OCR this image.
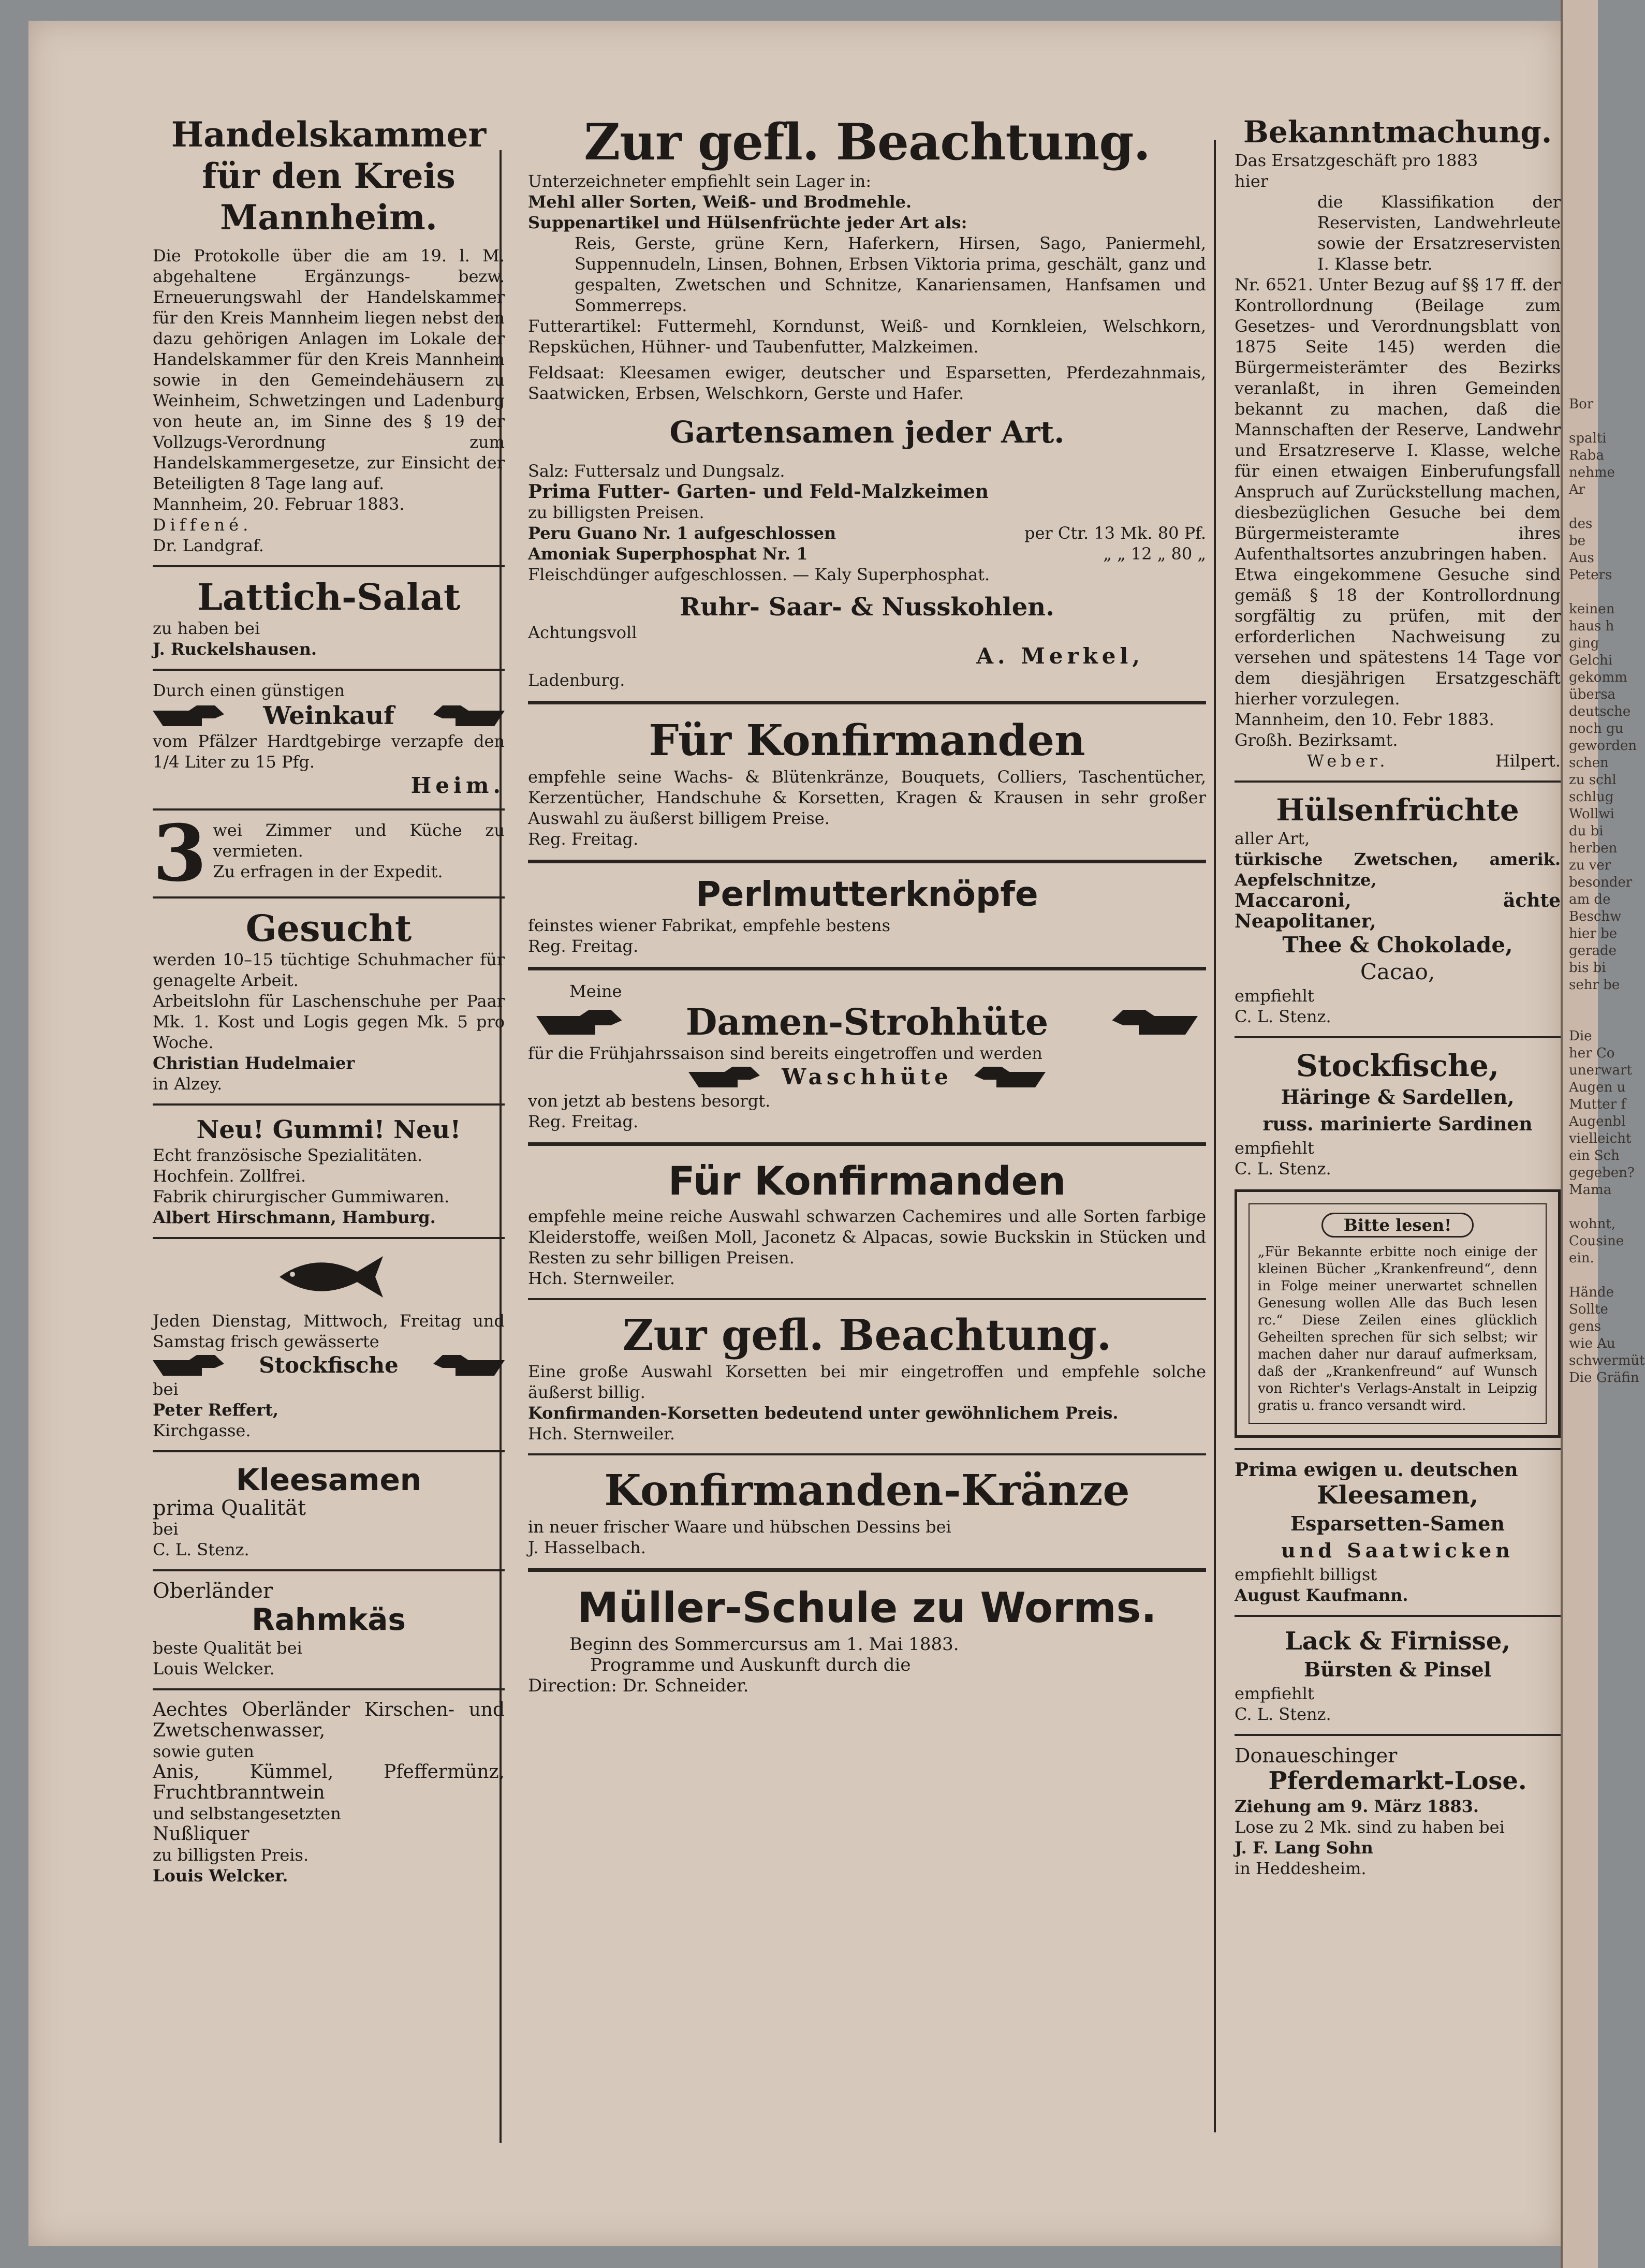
Handelskammer für den Kreis Mannheim.
Die Protokolle über die am 19. l. M. abgehaltene Ergänzungs- bezw. Erneuerungswahl der Handelskammer für den Kreis Mannheim liegen nebst den dazu gehörigen Anlagen im Lokale der Handelskammer für den Kreis Mannheim sowie in den Gemeindehäusern zu Weinheim, Schwetzingen und Ladenburg von heute an, im Sinne des § 19 der Vollzugs-Verordnung zum Handelskammergesetze, zur Einsicht der Beteiligten 8 Tage lang auf.
Mannheim, 20. Februar 1883.
Diffené.
Dr. Landgraf.
Lattich-Salat
zu haben bei
J. Ruckelshausen.
Durch einen günstigen
Weinkauf
vom Pfälzer Hardtgebirge verzapfe den 1/4 Liter zu 15 Pfg.
Heim.
3 wei Zimmer und Küche zu vermieten.
Zu erfragen in der Expedit.
Gesucht
werden 10–15 tüchtige Schuhmacher für genagelte Arbeit.
Arbeitslohn für Laschenschuhe per Paar Mk. 1. Kost und Logis gegen Mk. 5 pro Woche.
Christian Hudelmaier
in Alzey.
Neu! Gummi! Neu!
Echt französische Spezialitäten.
Hochfein. Zollfrei.
Fabrik chirurgischer Gummiwaren.
Albert Hirschmann, Hamburg.
Jeden Dienstag, Mittwoch, Freitag und Samstag frisch gewässerte
Stockfische
bei
Peter Reffert,
Kirchgasse.
Kleesamen
prima Qualität
bei
C. L. Stenz.
Oberländer
Rahmkäs
beste Qualität bei
Louis Welcker.
Aechtes Oberländer Kirschen- und Zwetschenwasser,
sowie guten
Anis, Kümmel, Pfeffermünz, Fruchtbranntwein
und selbstangesetzten
Nußliquer
zu billigsten Preis.
Louis Welcker.
Zur gefl. Beachtung.
Unterzeichneter empfiehlt sein Lager in:
Mehl aller Sorten, Weiß- und Brodmehle.
Suppenartikel und Hülsenfrüchte jeder Art als:
Reis, Gerste, grüne Kern, Haferkern, Hirsen, Sago, Paniermehl, Suppennudeln, Linsen, Bohnen, Erbsen Viktoria prima, geschält, ganz und gespalten, Zwetschen und Schnitze, Kanariensamen, Hanfsamen und Sommerreps.
Futterartikel: Futtermehl, Korndunst, Weiß- und Kornkleien, Welschkorn, Repsküchen, Hühner- und Taubenfutter, Malzkeimen.
Feldsaat: Kleesamen ewiger, deutscher und Esparsetten, Pferdezahnmais, Saatwicken, Erbsen, Welschkorn, Gerste und Hafer.
Gartensamen jeder Art.
Salz: Futtersalz und Dungsalz.
Prima Futter- Garten- und Feld-Malzkeimen
zu billigsten Preisen.
Peru Guano Nr. 1 aufgeschlossen	per Ctr. 13 Mk. 80 Pf.
Amoniak Superphosphat Nr. 1	„ „ 12 „ 80 „
Fleischdünger aufgeschlossen. — Kaly Superphosphat.
Ruhr- Saar- & Nusskohlen.
Achtungsvoll
A. Merkel,
Ladenburg.
Für Konfirmanden
empfehle seine Wachs- & Blütenkränze, Bouquets, Colliers, Taschentücher, Kerzentücher, Handschuhe & Korsetten, Kragen & Krausen in sehr großer Auswahl zu äußerst billigem Preise.
Reg. Freitag.
Perlmutterknöpfe
feinstes wiener Fabrikat, empfehle bestens
Reg. Freitag.
Meine
Damen-Strohhüte
für die Frühjahrssaison sind bereits eingetroffen und werden
Waschhüte
von jetzt ab bestens besorgt.
Reg. Freitag.
Für Konfirmanden
empfehle meine reiche Auswahl schwarzen Cachemires und alle Sorten farbige Kleiderstoffe, weißen Moll, Jaconetz & Alpacas, sowie Buckskin in Stücken und Resten zu sehr billigen Preisen.
Hch. Sternweiler.
Zur gefl. Beachtung.
Eine große Auswahl Korsetten bei mir eingetroffen und empfehle solche äußerst billig.
Konfirmanden-Korsetten bedeutend unter gewöhnlichem Preis.
Hch. Sternweiler.
Konfirmanden-Kränze
in neuer frischer Waare und hübschen Dessins bei
J. Hasselbach.
Müller-Schule zu Worms.
Beginn des Sommercursus am 1. Mai 1883.
Programme und Auskunft durch die
Direction: Dr. Schneider.
Bekanntmachung.
Das Ersatzgeschäft pro 1883
hier
die Klassifikation der Reservisten, Landwehrleute sowie der Ersatzreservisten I. Klasse betr.
Nr. 6521. Unter Bezug auf §§ 17 ff. der Kontrollordnung (Beilage zum Gesetzes- und Verordnungsblatt von 1875 Seite 145) werden die Bürgermeisterämter des Bezirks veranlaßt, in ihren Gemeinden bekannt zu machen, daß die Mannschaften der Reserve, Landwehr und Ersatzreserve I. Klasse, welche für einen etwaigen Einberufungsfall Anspruch auf Zurückstellung machen, diesbezüglichen Gesuche bei dem Bürgermeisteramte ihres Aufenthaltsortes anzubringen haben.
Etwa eingekommene Gesuche sind gemäß § 18 der Kontrollordnung sorgfältig zu prüfen, mit der erforderlichen Nachweisung zu versehen und spätestens 14 Tage vor dem diesjährigen Ersatzgeschäft hierher vorzulegen.
Mannheim, den 10. Febr 1883.
Großh. Bezirksamt.
Weber.	Hilpert.
Hülsenfrüchte
aller Art,
türkische Zwetschen, amerik. Aepfelschnitze,
Maccaroni, ächte Neapolitaner,
Thee & Chokolade,
Cacao,
empfiehlt
C. L. Stenz.
Stockfische,
Häringe & Sardellen,
russ. marinierte Sardinen
empfiehlt
C. L. Stenz.
Bitte lesen!
„Für Bekannte erbitte noch einige der kleinen Bücher „Krankenfreund“, denn in Folge meiner unerwartet schnellen Genesung wollen Alle das Buch lesen rc.“ Diese Zeilen eines glücklich Geheilten sprechen für sich selbst; wir machen daher nur darauf aufmerksam, daß der „Krankenfreund“ auf Wunsch von Richter's Verlags-Anstalt in Leipzig gratis u. franco versandt wird.
Prima ewigen u. deutschen
Kleesamen,
Esparsetten-Samen
und Saatwicken
empfiehlt billigst
August Kaufmann.
Lack & Firnisse,
Bürsten & Pinsel
empfiehlt
C. L. Stenz.
Donaueschinger
Pferdemarkt-Lose.
Ziehung am 9. März 1883.
Lose zu 2 Mk. sind zu haben bei
J. F. Lang Sohn
in Heddesheim.

Bor

spalti
Raba
nehme
Ar

des
be
Aus
Peters

keinen
haus h
ging
Gelchi
gekomm
übersa
deutsche
noch gu
geworden
schen
zu schl
schlug
Wollwi
du bi
herben
zu ver
besonder
am de
Beschw
hier be
gerade
bis bi
sehr be

Die
her Co
unerwart
Augen u
Mutter f
Augenbl
vielleicht
ein Sch
gegeben?
Mama

wohnt,
Cousine
ein.

Hände
Sollte
gens
wie Au
schwermüt
Die Gräfin
